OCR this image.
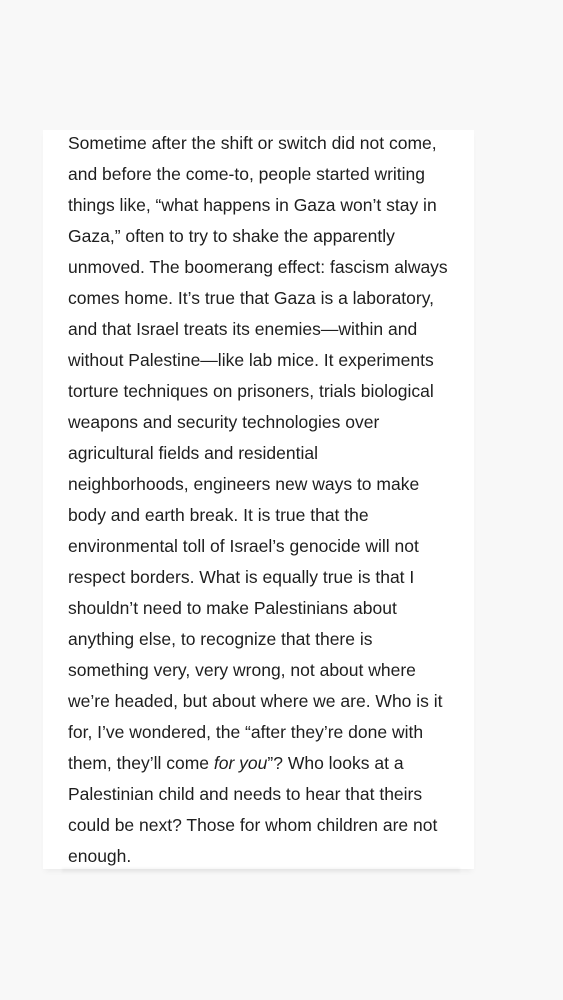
Sometime after the shift or switch did not come,
and before the come-to, people started writing
things like, “what happens in Gaza won’t stay in
Gaza,” often to try to shake the apparently
unmoved. The boomerang effect: fascism always
comes home. It’s true that Gaza is a laboratory,
and that Israel treats its enemies—within and
without Palestine—like lab mice. It experiments
torture techniques on prisoners, trials biological
weapons and security technologies over
agricultural fields and residential
neighborhoods, engineers new ways to make
body and earth break. It is true that the
environmental toll of Israel’s genocide will not
respect borders. What is equally true is that I
shouldn’t need to make Palestinians about
anything else, to recognize that there is
something very, very wrong, not about where
we’re headed, but about where we are. Who is it
for, I’ve wondered, the “after they’re done with
them, they’ll come for you”? Who looks at a
Palestinian child and needs to hear that theirs
could be next? Those for whom children are not
enough.
